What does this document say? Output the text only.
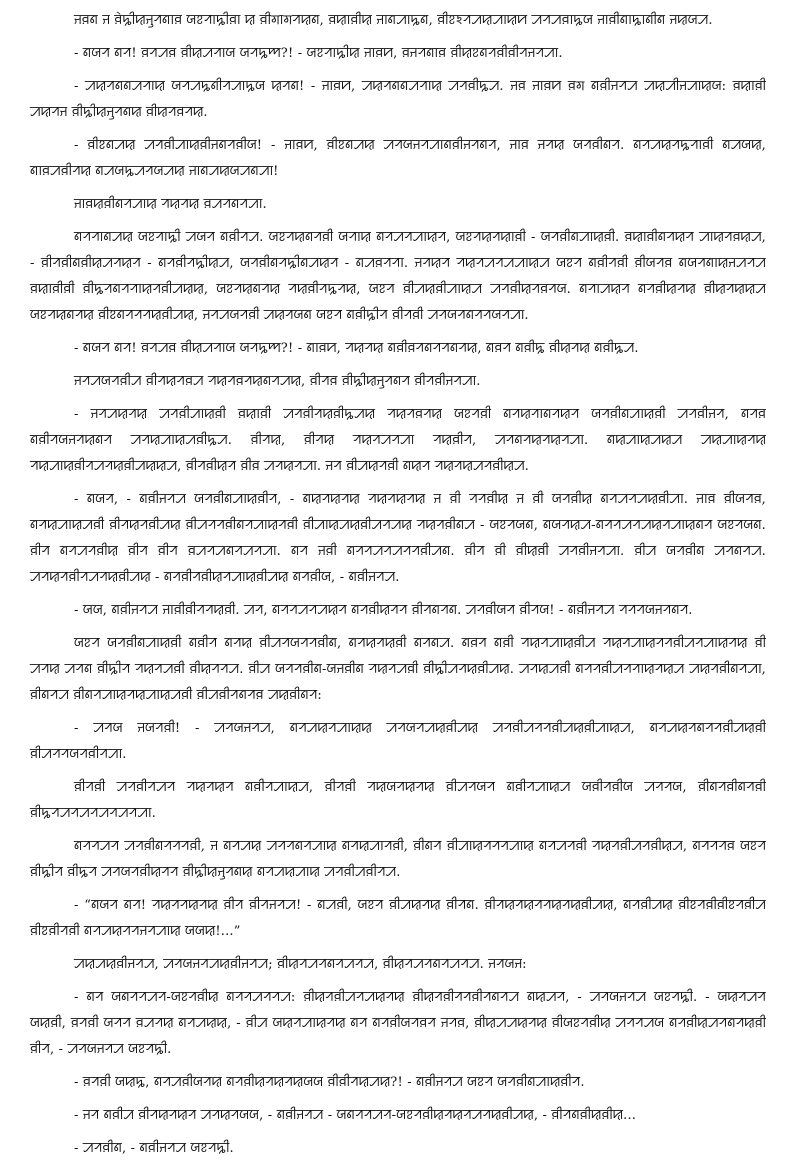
ꠔꠅꠘ ꠔ ꠅꠦꠍꠤꠢꠔꠥꠞꠘꠣꠅ ꠎꠐꠞꠣꠍꠤꠅꠣ ꠢ ꠅꠤꠉꠣꠉꠞꠢꠘ, ꠅꠢꠣꠅꠤꠢ ꠔꠣꠘꠀꠣꠍꠘ, ꠅꠤꠐꠁꠞꠀꠢꠀꠣꠢꠙ ꠀꠞꠀꠅꠣꠍꠎ ꠔꠣꠅꠤꠘꠣꠍꠣꠘꠤꠘ ꠔꠢꠎꠀ.

- ꠘꠎꠞ ꠘꠞ! ꠅꠞꠀꠅ ꠅꠤꠢꠀꠞꠣꠎ ꠎꠞꠍꠈ?! - ꠎꠐꠞꠣꠍꠤꠢ ꠔꠣꠅꠙ, ꠅꠔꠞꠘꠣꠅ ꠅꠤꠢꠐꠘꠞꠅꠤꠅꠤꠞꠔꠞꠀꠣ.

- ꠀꠢꠞꠘꠘꠀꠞꠣꠢ ꠎꠞꠀꠍꠘꠤꠞꠀꠣꠍꠎ ꠢꠞꠘ! - ꠔꠣꠅꠙ, ꠀꠢꠞꠘꠘꠀꠞꠣꠢ ꠀꠞꠅꠤꠍꠀ. ꠔꠅ ꠔꠣꠅꠙ ꠅꠉ ꠘꠅꠤꠔꠞꠀ ꠀꠢꠀꠤꠔꠀꠣꠢꠎ: ꠅꠢꠣꠅꠤ ꠀꠢꠞꠔ ꠅꠤꠍꠤꠢꠔꠥꠞꠘꠢ ꠅꠤꠢꠞꠅꠞꠢ.

- ꠅꠤꠐꠘꠀꠢ ꠀꠞꠅꠤꠀꠣꠢꠅꠤꠔꠘꠞꠅꠤꠎ! - ꠔꠣꠅꠙ, ꠅꠤꠐꠘꠀꠢ ꠀꠞꠎꠔꠞꠀꠣꠘꠅꠤꠔꠞꠘꠞ, ꠔꠣꠅ ꠔꠞꠢ ꠎꠞꠅꠤꠘꠞ. ꠘꠞꠀꠢꠞꠍꠞꠣꠅꠤ ꠘꠀꠎꠢ, ꠘꠣꠅꠀꠅꠤꠞꠢ ꠘꠀꠎꠍꠀꠞꠎꠀꠢ ꠔꠣꠘꠀꠢꠎꠀꠘꠀꠣ!

ꠔꠣꠅꠢꠅꠤꠘꠞꠀꠣꠢ ꠞꠢꠞꠢ ꠅꠀꠞꠘꠞꠀꠣ.

ꠘꠞꠞꠣꠘꠀꠢ ꠎꠐꠞꠣꠍꠤ ꠀꠎꠞ ꠘꠅꠤꠞꠀ. ꠎꠐꠞꠢꠘꠞꠅꠤ ꠎꠞꠣꠢ ꠘꠞꠀꠞꠀꠣꠢꠞ, ꠎꠐꠞꠢꠞꠢꠣꠅꠤ - ꠎꠞꠅꠤꠘꠀꠣꠢꠅꠤ. ꠅꠢꠣꠅꠤꠘꠞꠢꠞ ꠀꠣꠢꠞꠅꠢꠀ, - ꠅꠤꠞꠅꠤꠘꠅꠤꠢꠀꠞꠢꠞ - ꠘꠞꠅꠤꠞꠍꠤꠢꠀ, ꠎꠞꠅꠤꠘꠞꠍꠤꠘꠀꠢꠞ - ꠘꠀꠅꠞꠞꠣ. ꠔꠞꠢꠞ ꠞꠢꠞꠀꠞꠀꠀꠣꠢꠀ ꠎꠐꠞ ꠘꠅꠤꠞꠅꠤ ꠅꠤꠎꠞꠅ ꠘꠎꠞꠘꠣꠢꠔꠀꠞꠀ ꠅꠢꠣꠅꠤꠅꠤ ꠅꠤꠍꠞꠘꠞꠞꠣꠢꠞꠅꠤꠀꠢꠢ, ꠎꠐꠞꠢꠘꠞꠢ ꠞꠢꠅꠤꠞꠍꠞꠢ, ꠎꠐꠞ ꠅꠤꠀꠢꠅꠤꠀꠣꠢꠀ ꠀꠞꠅꠤꠢꠞꠅꠞꠎ. ꠘꠞꠣꠀꠢꠞ ꠘꠞꠅꠤꠢꠞꠢ ꠅꠤꠢꠞꠢꠢꠀ ꠎꠐꠞꠢꠘꠞꠢ ꠅꠤꠐꠘꠞꠞꠞꠢꠅꠤꠀꠢ, ꠔꠞꠀꠎꠞꠅꠤ ꠀꠢꠞꠎꠘ ꠎꠐꠞ ꠘꠅꠤꠍꠤꠞ ꠅꠤꠞꠅꠤ ꠀꠞꠎꠞꠘꠞꠞꠎꠞꠀꠣ.

- ꠘꠎꠞ ꠘꠞ! ꠅꠞꠀꠅ ꠅꠤꠢꠀꠞꠣꠎ ꠎꠞꠍꠈ?! - ꠘꠣꠅꠙ, ꠞꠢꠞꠢ ꠘꠅꠤꠅꠞꠘꠞꠞꠘꠞꠢ, ꠘꠅꠞ ꠘꠅꠤꠍ ꠅꠤꠢꠞꠢ ꠘꠅꠤꠍꠀ.

ꠔꠞꠀꠎꠞꠅꠤꠀ ꠅꠤꠞꠢꠞꠅꠀ ꠞꠢꠞꠅꠞꠢꠘꠞꠀꠢ, ꠅꠤꠞꠅ ꠅꠤꠍꠤꠢꠔꠥꠞꠘꠞ ꠅꠤꠞꠅꠤꠔꠞꠀꠣ.

- ꠔꠞꠀꠢꠞꠢ ꠀꠞꠅꠤꠀꠣꠢꠅꠤ ꠅꠢꠣꠅꠤ ꠀꠞꠅꠤꠞꠢꠅꠤꠍꠀꠢ ꠞꠢꠞꠅꠞꠢ ꠎꠐꠞꠅꠤ ꠘꠞꠢꠞꠣꠘꠞꠢꠞ ꠎꠞꠅꠤꠘꠀꠣꠢꠅꠤ ꠀꠞꠅꠤꠔꠞ, ꠘꠞꠅ ꠘꠅꠤꠞꠎꠔꠞꠢꠘꠞ ꠀꠞꠢꠀꠣꠢꠀꠅꠤꠍꠀ. ꠅꠤꠞꠢ, ꠅꠤꠞꠢ ꠞꠢꠞꠀꠞꠀꠣ ꠞꠢꠅꠤꠞ, ꠀꠞꠘꠞꠢꠞꠢꠞꠀꠣ. ꠘꠢꠀꠣꠢꠀꠢꠀ ꠀꠢꠀꠣꠢꠞꠢ ꠞꠢꠀꠣꠢꠅꠤꠞꠀꠞꠢꠅꠤꠀꠢꠢꠀ, ꠅꠤꠞꠅꠤꠢꠞ ꠅꠤꠅ ꠀꠞꠢꠞꠀꠣ. ꠔꠞ ꠅꠤꠀꠢꠞꠅꠤ ꠘꠢꠞ ꠞꠢꠞꠢꠀꠞꠅꠤꠢꠀ.

- ꠘꠎꠞ, - ꠘꠅꠤꠔꠞꠀ ꠎꠞꠅꠤꠘꠀꠣꠢꠅꠤꠞ, - ꠘꠢꠞꠢꠞꠢ ꠞꠢꠞꠢꠞꠢ ꠔ ꠅꠤ ꠞꠞꠅꠤꠢ ꠔ ꠅꠤ ꠎꠞꠅꠤꠢ ꠘꠞꠀꠞꠀꠢꠅꠤꠀꠣ. ꠔꠣꠅ ꠅꠤꠎꠞꠅ, ꠘꠞꠢꠀꠣꠢꠀꠅꠤ ꠅꠤꠞꠢꠞꠅꠤꠀꠢ ꠅꠤꠀꠞꠞꠅꠤꠘꠞꠀꠣꠢꠞꠅꠤ ꠅꠤꠀꠣꠢꠀꠢꠅꠤꠀꠞꠀꠢ ꠞꠢꠞꠅꠤꠘꠀ - ꠎꠐꠞꠎꠘ, ꠘꠎꠞꠢꠀ-ꠘꠞꠞꠀꠞꠀꠢꠞꠀꠣꠢꠘꠞ ꠎꠐꠞꠎꠘ. ꠅꠤꠞ ꠘꠞꠀꠞꠅꠤꠢ ꠅꠤꠞ ꠅꠤꠞ ꠅꠀꠞꠀꠘꠞꠀꠞꠀꠣ. ꠘꠞ ꠔꠅꠤ ꠘꠞꠞꠀꠞꠀꠞꠞꠅꠤꠀꠘ. ꠅꠤꠞ ꠅꠤ ꠅꠤꠢꠅꠤ ꠀꠞꠅꠤꠔꠞꠀꠣ. ꠅꠤꠀ ꠎꠞꠅꠤꠘ ꠀꠞꠘꠞꠀ. ꠀꠞꠢꠞꠅꠤꠞꠀꠞꠢꠅꠤꠀꠢ - ꠘꠞꠅꠤꠞꠅꠤꠢꠞꠀꠣꠢꠅꠤꠀꠢ ꠘꠞꠅꠤꠎ, - ꠘꠅꠤꠔꠞꠀ.

- ꠎꠎ, ꠘꠅꠤꠔꠞꠀ ꠔꠣꠅꠤꠅꠤꠞꠞꠢꠅꠤ. ꠀꠞ, ꠘꠞꠞꠀꠞꠀꠢꠞ ꠘꠞꠅꠤꠢꠞꠞ ꠅꠤꠞꠘꠞꠘ. ꠀꠞꠅꠤꠎꠞ ꠅꠤꠞꠎ! - ꠘꠅꠤꠔꠞꠀ ꠞꠞꠞꠎꠔꠞꠘꠞ.

ꠎꠐꠞ ꠎꠞꠅꠤꠘꠀꠣꠢꠅꠤ ꠘꠅꠤꠞ ꠘꠞꠢ ꠅꠤꠀꠞꠎꠞꠞꠅꠤꠘ, ꠘꠞꠢꠞꠢꠅꠤ ꠘꠞꠘꠀ. ꠘꠅꠞ ꠘꠅꠤ ꠞꠢꠞꠀꠣꠢꠅꠤꠀ ꠞꠢꠞꠀꠣꠢꠞꠞꠅꠤꠀꠞꠀꠣꠢꠞꠢ ꠅꠤ ꠀꠞꠢ ꠀꠞꠘ ꠅꠤꠍꠤꠞ ꠞꠢꠞꠀꠅꠤ ꠅꠤꠢꠞꠞꠀ. ꠅꠤꠀ ꠎꠞꠞꠅꠤꠘ-ꠎꠔꠅꠤꠘ ꠞꠢꠞꠀꠅꠤ ꠅꠤꠍꠤꠀꠞꠢꠅꠤꠀꠢ. ꠀꠞꠢꠀꠅꠤ ꠘꠞꠞꠅꠤꠀꠞꠞꠣꠢꠞꠢꠀ ꠀꠢꠞꠅꠤꠘꠞꠀꠣ, ꠅꠤꠘꠞꠀ ꠅꠤꠘꠞꠀꠣꠢꠞꠢꠀꠣꠢꠀꠅꠤ ꠅꠤꠀꠅꠤꠞꠘꠞꠅ ꠀꠢꠅꠤꠘꠞ:

- ꠀꠞꠎ ꠔꠎꠞꠅꠤ! - ꠀꠞꠎꠔꠞꠀ, ꠘꠞꠀꠢꠞꠀꠣꠢꠢ ꠀꠞꠎꠞꠀꠢꠅꠤꠀꠢ ꠀꠞꠅꠤꠀꠞꠞꠅꠤꠀꠢꠅꠤꠀꠣꠢꠀ, ꠘꠞꠀꠢꠞꠘꠞꠞꠅꠤꠀꠢꠅꠤ ꠅꠤꠀꠞꠞꠎꠞꠅꠤꠞꠀꠣ.

ꠅꠤꠞꠅꠤ ꠀꠞꠅꠤꠞꠀꠞ ꠞꠢꠞꠢꠞ ꠘꠅꠤꠞꠀꠣꠢꠀ, ꠅꠤꠞꠅꠤ ꠞꠢꠎꠞꠢꠞꠢ ꠅꠤꠀꠞꠎꠞ ꠘꠅꠤꠞꠀꠣꠢꠀ ꠎꠅꠤꠞꠅꠤꠎ ꠀꠞꠞꠎ, ꠅꠤꠘꠞꠅꠤꠘꠞꠅꠤ ꠅꠤꠍꠞꠀꠞꠀꠞꠀꠞꠀꠞꠀꠣ.

ꠘꠞꠞꠀꠞ ꠀꠞꠅꠤꠘꠞꠞꠞꠅꠤ, ꠔ ꠘꠞꠀꠢ ꠀꠞꠞꠘꠞꠀꠣꠢ ꠘꠞꠢꠀꠣꠞꠅꠤ, ꠅꠤꠘꠞ ꠅꠤꠀꠣꠢꠞꠞꠞꠀꠣꠢ ꠘꠞꠀꠞꠅꠤ ꠞꠢꠞꠅꠤꠀꠞꠅꠤꠢꠀ, ꠘꠞꠞꠞꠅ ꠎꠐꠞ ꠅꠤꠍꠤꠞ ꠅꠤꠍꠞ ꠀꠞꠎꠞꠅꠤꠢꠞꠞ ꠅꠤꠍꠤꠢꠔꠥꠞꠘꠢ ꠘꠞꠀꠢꠀꠣꠢ ꠀꠞꠅꠤꠀꠅꠤꠞꠀ.

- “ꠘꠎꠞ ꠘꠞ! ꠞꠢꠞꠞꠢꠞꠢ ꠅꠤꠞ ꠅꠤꠞꠔꠞꠀ! - ꠘꠀꠅꠤ, ꠎꠐꠞ ꠅꠤꠀꠢꠞꠢ ꠅꠤꠞꠘ. ꠅꠤꠞꠢꠞꠢꠞꠞꠢꠞꠢꠅꠤꠀꠢ, ꠘꠞꠅꠤꠀꠢ ꠅꠤꠐꠞꠅꠤꠅꠤꠐꠞꠅꠤꠀ ꠅꠤꠐꠅꠤꠞꠅꠤ ꠘꠞꠀꠢꠞꠞꠔꠞꠀꠣꠢ ꠎꠎꠢ!...”

ꠀꠢꠀꠢꠅꠤꠔꠞꠀ, ꠀꠞꠎꠔꠞꠀꠢꠅꠤꠔꠞꠀ; ꠅꠤꠢꠞꠀꠞꠘꠞꠀꠞꠀ, ꠅꠤꠢꠞꠀꠞꠘꠞꠀꠞꠀ. ꠔꠞꠎꠔ:

- ꠘꠞ ꠎꠘꠞꠞꠀꠞ-ꠎꠐꠞꠅꠤꠢ ꠘꠞꠞꠀꠞꠞꠀ: ꠅꠤꠢꠞꠅꠤꠀꠞꠀꠢꠞꠢ ꠅꠤꠢꠞꠅꠤꠞꠞꠅꠤꠞꠘꠞꠀ ꠘꠢꠀꠞ, - ꠀꠞꠎꠔꠞꠀ ꠎꠐꠞꠍꠤ. - ꠎꠢꠞꠀꠞ ꠎꠢꠅꠤ, ꠅꠞꠅꠤ ꠎꠞꠞ ꠅꠀꠞꠢ ꠘꠞꠀꠢꠢ, - ꠅꠤꠀ ꠎꠢꠞꠀꠣꠢꠞꠢ ꠘꠞ ꠘꠞꠅꠤꠎꠞꠅꠞ ꠔꠞꠅ, ꠅꠤꠢꠀꠀꠢꠞꠢ ꠅꠤꠎꠐꠞꠅꠤꠢ ꠀꠞꠞꠀꠎ ꠘꠞꠅꠤꠢꠀꠞꠘꠞꠢꠅꠤ ꠅꠤꠞ, - ꠀꠞꠎꠔꠞꠀ ꠎꠐꠞꠍꠤ.

- ꠅꠞꠅꠤ ꠎꠢꠍ, ꠘꠞꠀꠅꠤꠎꠞꠢ ꠘꠞꠅꠤꠢꠞꠢꠞꠢꠎꠎ ꠅꠤꠅꠤꠞꠢꠀꠢ?! - ꠘꠅꠤꠔꠞꠀ ꠎꠐꠞ ꠎꠞꠅꠤꠘꠀꠣꠢꠅꠤꠞ.

- ꠔꠞ ꠘꠅꠤꠀ ꠅꠤꠞꠢꠞꠢꠞ ꠀꠞꠢꠞꠎꠎ, - ꠘꠅꠤꠔꠞꠀ - ꠎꠘꠞꠞꠀꠞ-ꠎꠐꠞꠅꠤꠢꠞꠢꠞꠀꠞꠢꠅꠤꠀꠢ, - ꠅꠤꠞꠘꠅꠤꠢꠅꠤꠢ...

- ꠀꠞꠅꠤꠘ, - ꠘꠅꠤꠔꠞꠀ ꠎꠐꠞꠍꠤ.
